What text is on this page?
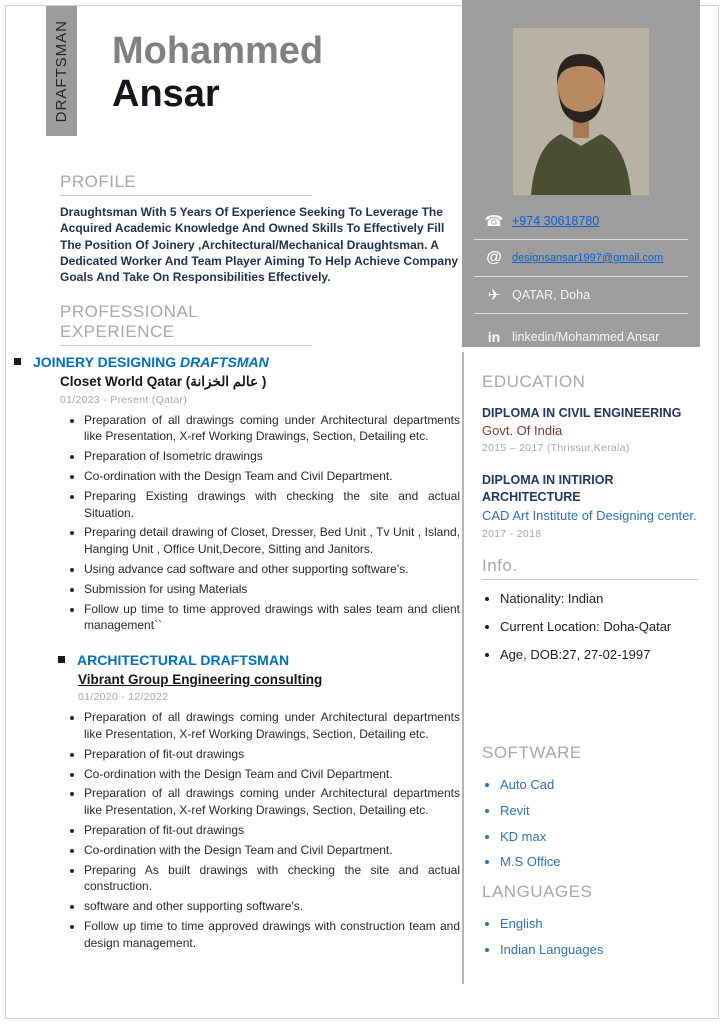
DRAFTSMAN Mohammed
Ansar
☎ +974 30618780
@ designsansar1997@gmail.com
✈ QATAR, Doha
in linkedin/Mohammed Ansar
PROFILE

Draughtsman With 5 Years Of Experience Seeking To Leverage The Acquired Academic Knowledge And Owned Skills To Effectively Fill The Position Of Joinery ,Architectural/Mechanical Draughtsman. A Dedicated Worker And Team Player Aiming To Help Achieve Company Goals And Take On Responsibilities Effectively.

PROFESSIONAL EXPERIENCE
JOINERY DESIGNING DRAFTSMAN
Closet World Qatar (عالم الخزانة )
01/2023 - Present (Qatar)
• Preparation of all drawings coming under Architectural departments like Presentation, X-ref Working Drawings, Section, Detailing etc.
• Preparation of Isometric drawings
• Co-ordination with the Design Team and Civil Department.
• Preparing Existing drawings with checking the site and actual Situation.
• Preparing detail drawing of Closet, Dresser, Bed Unit , Tv Unit , Island, Hanging Unit , Office Unit,Decore, Sitting and Janitors.
• Using advance cad software and other supporting software's.
• Submission for using Materials
• Follow up time to time approved drawings with sales team and client management``
ARCHITECTURAL DRAFTSMAN
Vibrant Group Engineering consulting
01/2020 - 12/2022
• Preparation of all drawings coming under Architectural departments like Presentation, X-ref Working Drawings, Section, Detailing etc.
• Preparation of fit-out drawings
• Co-ordination with the Design Team and Civil Department.
• Preparation of all drawings coming under Architectural departments like Presentation, X-ref Working Drawings, Section, Detailing etc.
• Preparation of fit-out drawings
• Co-ordination with the Design Team and Civil Department.
• Preparing As built drawings with checking the site and actual construction.
• software and other supporting software's.
• Follow up time to time approved drawings with construction team and design management.
EDUCATION
DIPLOMA IN CIVIL ENGINEERING
Govt. Of India
2015 – 2017 (Thrissur,Kerala)
DIPLOMA IN INTIRIOR ARCHITECTURE
CAD Art Institute of Designing center.
2017 - 2018
Info.
• Nationality: Indian
• Current Location: Doha-Qatar
• Age, DOB:27, 27-02-1997
SOFTWARE
• Auto Cad
• Revit
• KD max
• M.S Office
LANGUAGES
• English
• Indian Languages
